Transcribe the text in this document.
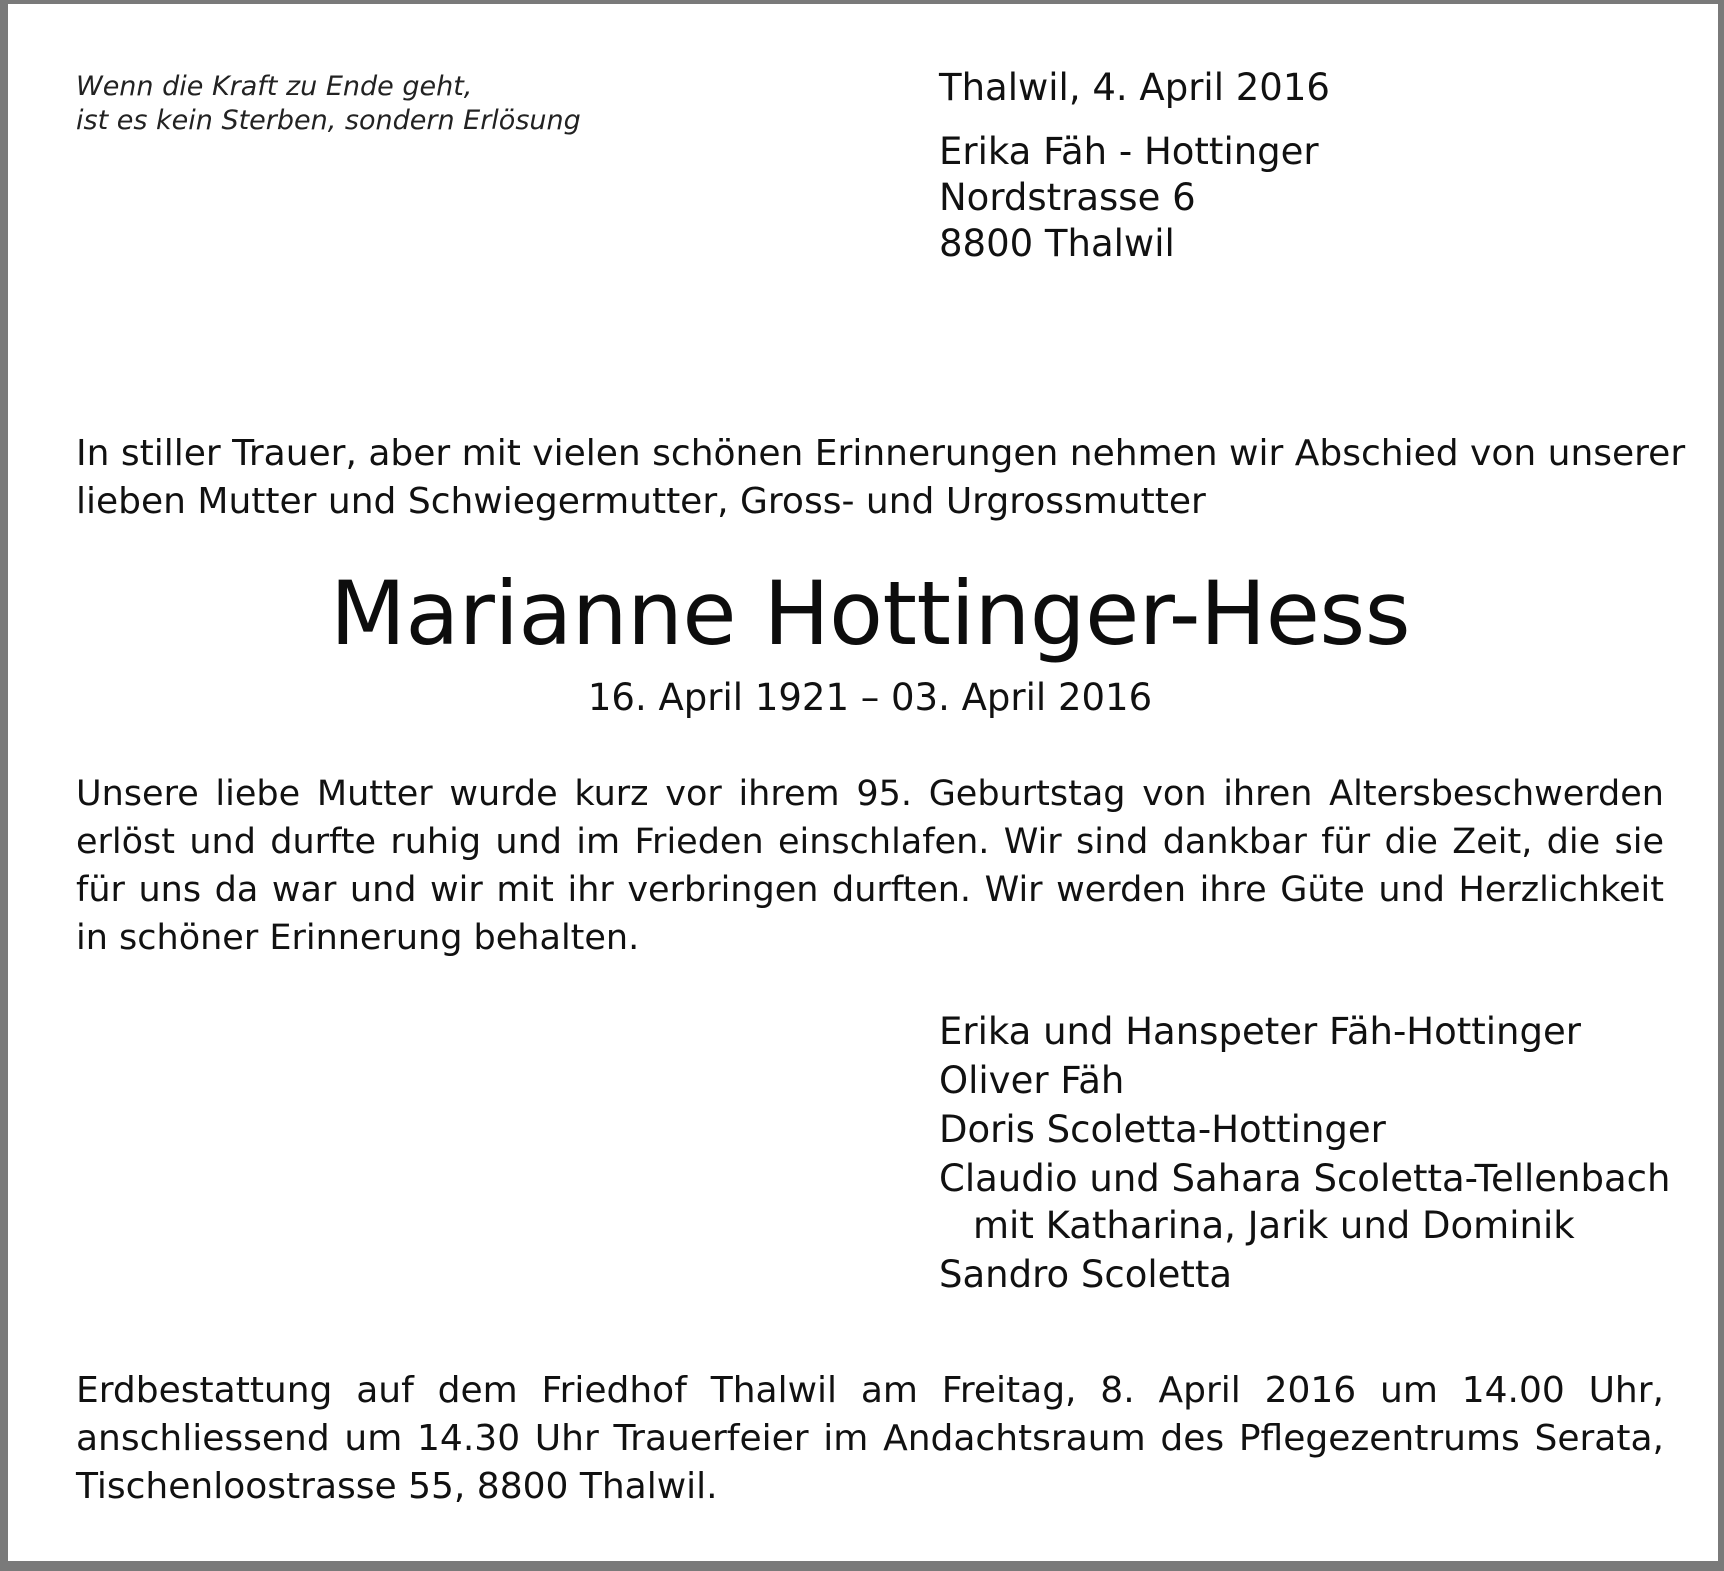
Wenn die Kraft zu Ende geht,
ist es kein Sterben, sondern Erlösung
Thalwil, 4. April 2016
Erika Fäh - Hottinger
Nordstrasse 6
8800 Thalwil
In stiller Trauer, aber mit vielen schönen Erinnerungen nehmen wir Abschied von unserer
lieben Mutter und Schwiegermutter, Gross- und Urgrossmutter
Marianne Hottinger-Hess
16. April 1921 – 03. April 2016
Unsere liebe Mutter wurde kurz vor ihrem 95. Geburtstag von ihren Altersbeschwerden
erlöst und durfte ruhig und im Frieden einschlafen. Wir sind dankbar für die Zeit, die sie
für uns da war und wir mit ihr verbringen durften. Wir werden ihre Güte und Herzlichkeit
in schöner Erinnerung behalten.
Erika und Hanspeter Fäh-Hottinger
Oliver Fäh
Doris Scoletta-Hottinger
Claudio und Sahara Scoletta-Tellenbach
mit Katharina, Jarik und Dominik
Sandro Scoletta
Erdbestattung auf dem Friedhof Thalwil am Freitag, 8. April 2016 um 14.00 Uhr,
anschliessend um 14.30 Uhr Trauerfeier im Andachtsraum des Pflegezentrums Serata,
Tischenloostrasse 55, 8800 Thalwil.
